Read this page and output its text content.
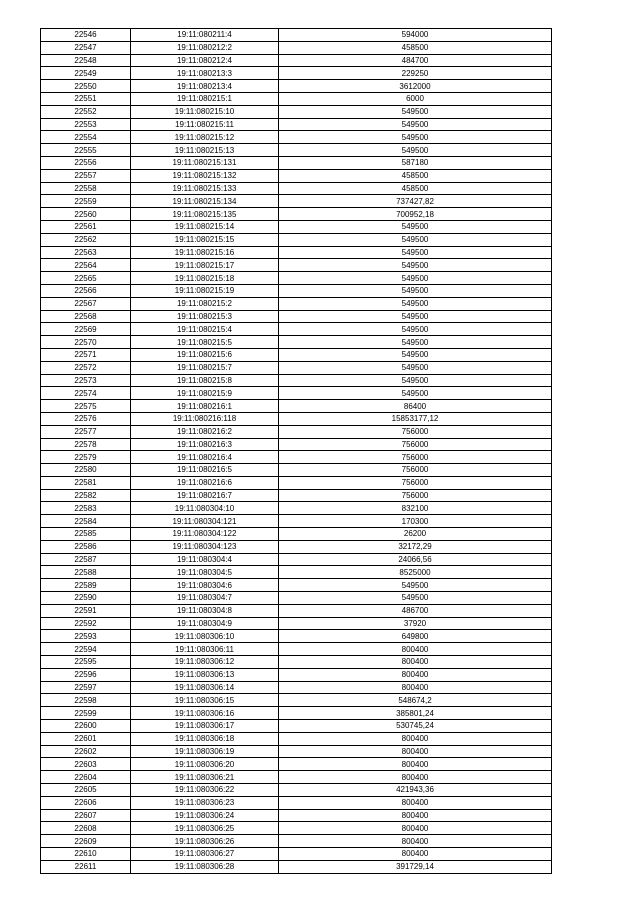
22546	19:11:080211:4	594000
22547	19:11:080212:2	458500
22548	19:11:080212:4	484700
22549	19:11:080213:3	229250
22550	19:11:080213:4	3612000
22551	19:11:080215:1	6000
22552	19:11:080215:10	549500
22553	19:11:080215:11	549500
22554	19:11:080215:12	549500
22555	19:11:080215:13	549500
22556	19:11:080215:131	587180
22557	19:11:080215:132	458500
22558	19:11:080215:133	458500
22559	19:11:080215:134	737427,82
22560	19:11:080215:135	700952,18
22561	19:11:080215:14	549500
22562	19:11:080215:15	549500
22563	19:11:080215:16	549500
22564	19:11:080215:17	549500
22565	19:11:080215:18	549500
22566	19:11:080215:19	549500
22567	19:11:080215:2	549500
22568	19:11:080215:3	549500
22569	19:11:080215:4	549500
22570	19:11:080215:5	549500
22571	19:11:080215:6	549500
22572	19:11:080215:7	549500
22573	19:11:080215:8	549500
22574	19:11:080215:9	549500
22575	19:11:080216:1	86400
22576	19:11:080216:118	15853177,12
22577	19:11:080216:2	756000
22578	19:11:080216:3	756000
22579	19:11:080216:4	756000
22580	19:11:080216:5	756000
22581	19:11:080216:6	756000
22582	19:11:080216:7	756000
22583	19:11:080304:10	832100
22584	19:11:080304:121	170300
22585	19:11:080304:122	26200
22586	19:11:080304:123	32172,29
22587	19:11:080304:4	24066,56
22588	19:11:080304:5	8525000
22589	19:11:080304:6	549500
22590	19:11:080304:7	549500
22591	19:11:080304:8	486700
22592	19:11:080304:9	37920
22593	19:11:080306:10	649800
22594	19:11:080306:11	800400
22595	19:11:080306:12	800400
22596	19:11:080306:13	800400
22597	19:11:080306:14	800400
22598	19:11:080306:15	548674,2
22599	19:11:080306:16	385801,24
22600	19:11:080306:17	530745,24
22601	19:11:080306:18	800400
22602	19:11:080306:19	800400
22603	19:11:080306:20	800400
22604	19:11:080306:21	800400
22605	19:11:080306:22	421943,36
22606	19:11:080306:23	800400
22607	19:11:080306:24	800400
22608	19:11:080306:25	800400
22609	19:11:080306:26	800400
22610	19:11:080306:27	800400
22611	19:11:080306:28	391729,14
